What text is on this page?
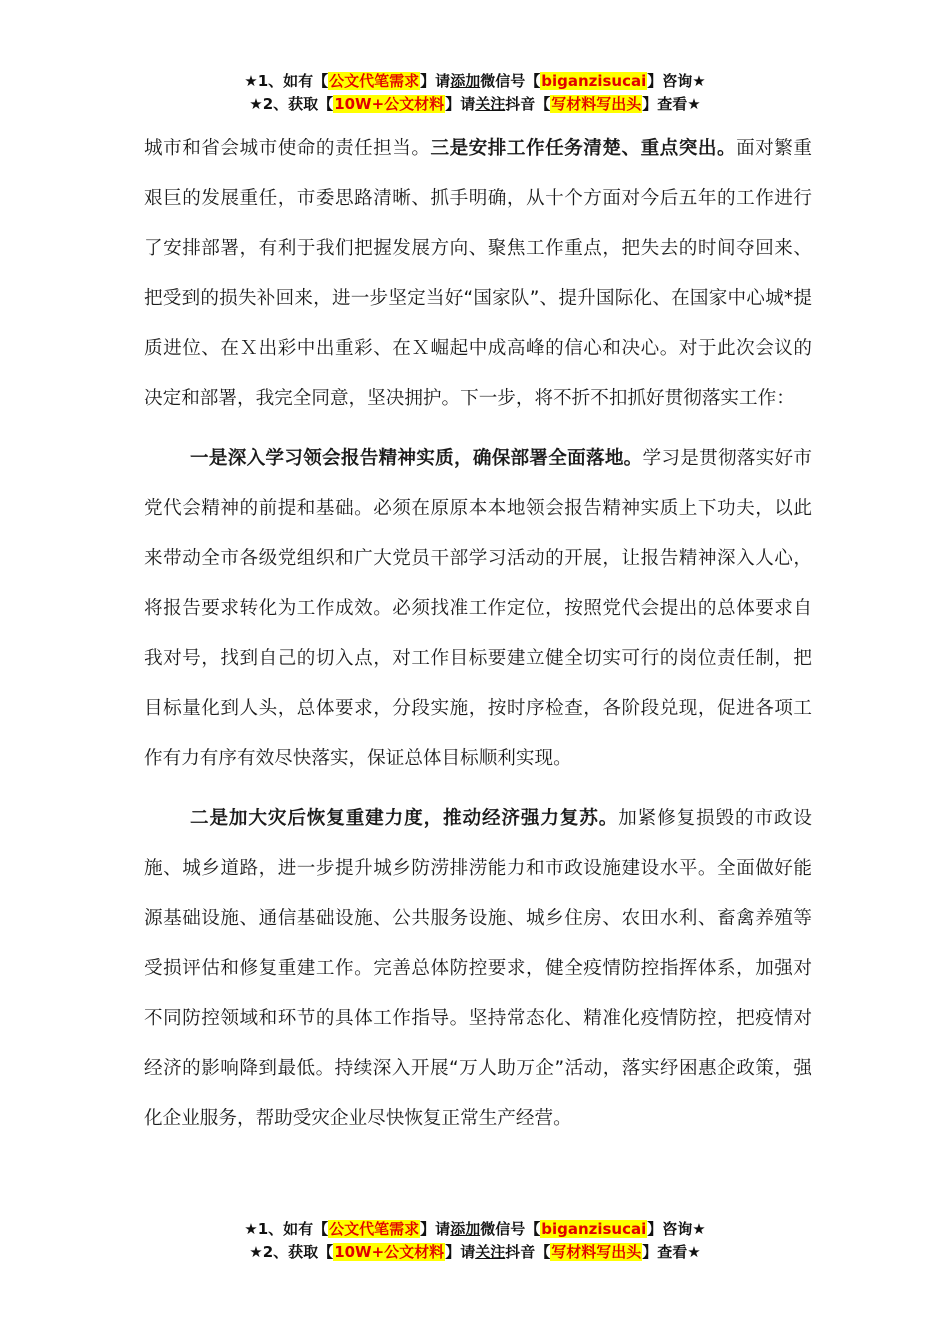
★1、如有【公文代笔需求】请添加微信号【biganzisucai】咨询★
★2、获取【10W+公文材料】请关注抖音【写材料写出头】查看★

城市和省会城市使命的责任担当。三是安排工作任务清楚、重点突出。面对繁重艰巨的发展重任，市委思路清晰、抓手明确，从十个方面对今后五年的工作进行了安排部署，有利于我们把握发展方向、聚焦工作重点，把失去的时间夺回来、把受到的损失补回来，进一步坚定当好“国家队”、提升国际化、在国家中心城*提质进位、在Ｘ出彩中出重彩、在Ｘ崛起中成高峰的信心和决心。对于此次会议的决定和部署，我完全同意，坚决拥护。下一步，将不折不扣抓好贯彻落实工作：

一是深入学习领会报告精神实质，确保部署全面落地。学习是贯彻落实好市党代会精神的前提和基础。必须在原原本本地领会报告精神实质上下功夫，以此来带动全市各级党组织和广大党员干部学习活动的开展，让报告精神深入人心，将报告要求转化为工作成效。必须找准工作定位，按照党代会提出的总体要求自我对号，找到自己的切入点，对工作目标要建立健全切实可行的岗位责任制，把目标量化到人头，总体要求，分段实施，按时序检查，各阶段兑现，促进各项工作有力有序有效尽快落实，保证总体目标顺利实现。

二是加大灾后恢复重建力度，推动经济强力复苏。加紧修复损毁的市政设施、城乡道路，进一步提升城乡防涝排涝能力和市政设施建设水平。全面做好能源基础设施、通信基础设施、公共服务设施、城乡住房、农田水利、畜禽养殖等受损评估和修复重建工作。完善总体防控要求，健全疫情防控指挥体系，加强对不同防控领域和环节的具体工作指导。坚持常态化、精准化疫情防控，把疫情对经济的影响降到最低。持续深入开展“万人助万企”活动，落实纾困惠企政策，强化企业服务，帮助受灾企业尽快恢复正常生产经营。

★1、如有【公文代笔需求】请添加微信号【biganzisucai】咨询★
★2、获取【10W+公文材料】请关注抖音【写材料写出头】查看★
